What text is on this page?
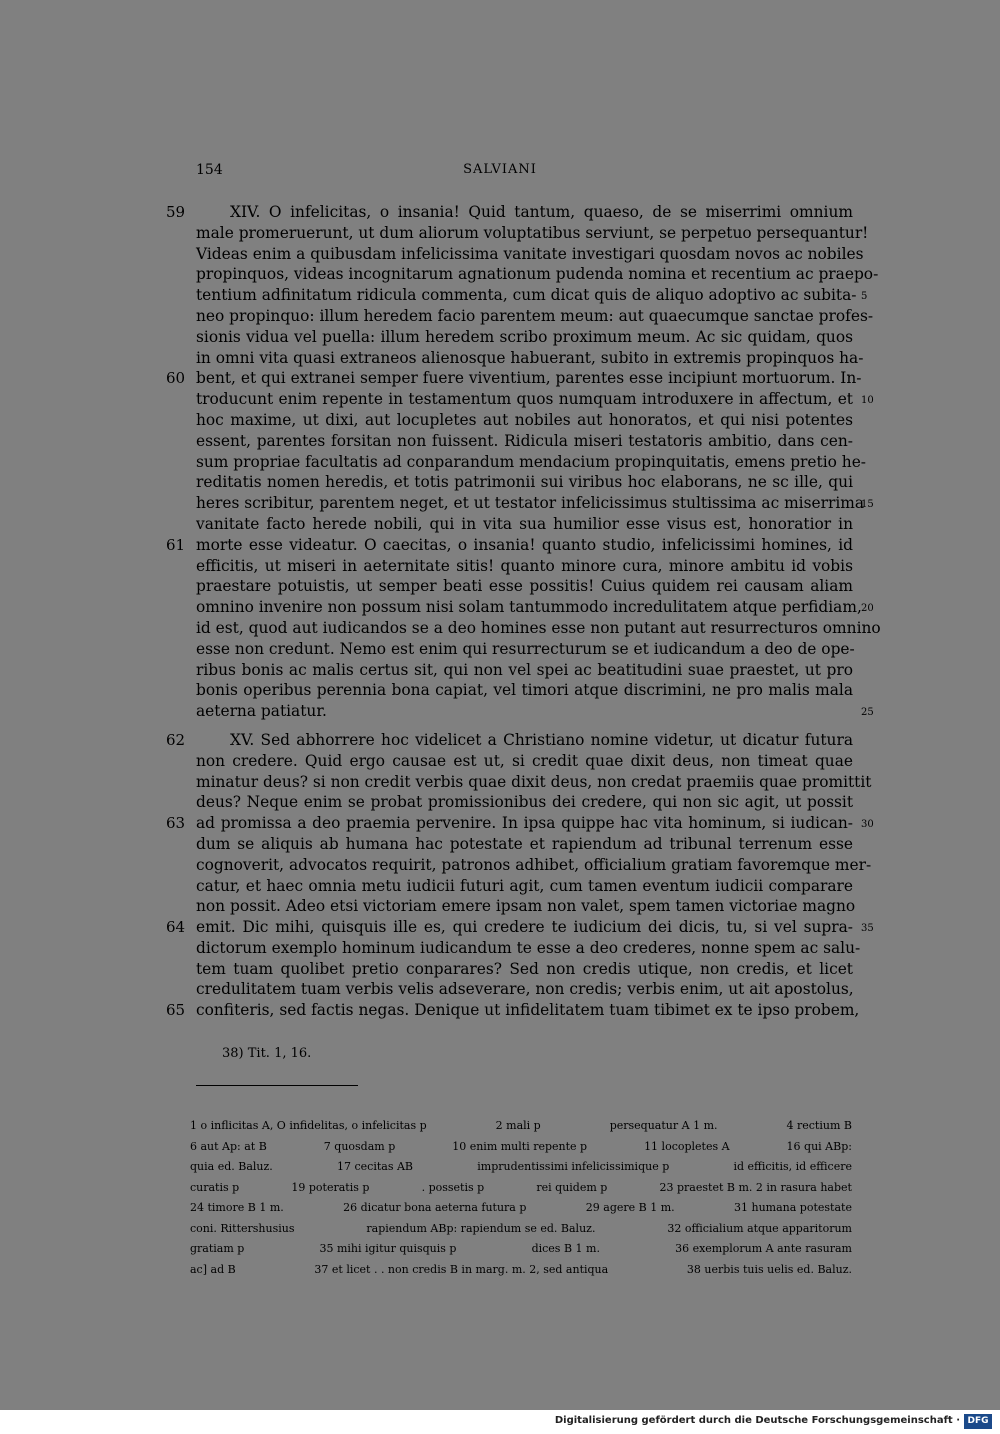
154	SALVIANI
XIV. O infelicitas, o insania! Quid tantum, quaeso, de se miserrimi omnium
59
male promeruerunt, ut dum aliorum voluptatibus serviunt, se perpetuo persequantur!
Videas enim a quibusdam infelicissima vanitate investigari quosdam novos ac nobiles
propinquos, videas incognitarum agnationum pudenda nomina et recentium ac praepo-
tentium adfinitatum ridicula commenta, cum dicat quis de aliquo adoptivo ac subita- 5
neo propinquo: illum heredem facio parentem meum: aut quaecumque sanctae profes-
sionis vidua vel puella: illum heredem scribo proximum meum. Ac sic quidam, quos
in omni vita quasi extraneos alienosque habuerant, subito in extremis propinquos ha-
bent, et qui extranei semper fuere viventium, parentes esse incipiunt mortuorum. In-
60
troducunt enim repente in testamentum quos numquam introduxere in affectum, et 10
hoc maxime, ut dixi, aut locupletes aut nobiles aut honoratos, et qui nisi potentes
essent, parentes forsitan non fuissent. Ridicula miseri testatoris ambitio, dans cen-
sum propriae facultatis ad conparandum mendacium propinquitatis, emens pretio he-
reditatis nomen heredis, et totis patrimonii sui viribus hoc elaborans, ne sc ille, qui
heres scribitur, parentem neget, et ut testator infelicissimus stultissima ac miserrima
15
vanitate facto herede nobili, qui in vita sua humilior esse visus est, honoratior in
morte esse videatur. O caecitas, o insania! quanto studio, infelicissimi homines, id
61
efficitis, ut miseri in aeternitate sitis! quanto minore cura, minore ambitu id vobis
praestare potuistis, ut semper beati esse possitis! Cuius quidem rei causam aliam
omnino invenire non possum nisi solam tantummodo incredulitatem atque perfidiam, 20
id est, quod aut iudicandos se a deo homines esse non putant aut resurrecturos omnino
esse non credunt. Nemo est enim qui resurrecturum se et iudicandum a deo de ope-
ribus bonis ac malis certus sit, qui non vel spei ac beatitudini suae praestet, ut pro
bonis operibus perennia bona capiat, vel timori atque discrimini, ne pro malis mala
aeterna patiatur.	25
XV. Sed abhorrere hoc videlicet a Christiano nomine videtur, ut dicatur futura
62
non credere. Quid ergo causae est ut, si credit quae dixit deus, non timeat quae
minatur deus? si non credit verbis quae dixit deus, non credat praemiis quae promittit
deus? Neque enim se probat promissionibus dei credere, qui non sic agit, ut possit
ad promissa a deo praemia pervenire. In ipsa quippe hac vita hominum, si iudican-
63	30
dum se aliquis ab humana hac potestate et rapiendum ad tribunal terrenum esse
cognoverit, advocatos requirit, patronos adhibet, officialium gratiam favoremque mer-
catur, et haec omnia metu iudicii futuri agit, cum tamen eventum iudicii comparare
non possit. Adeo etsi victoriam emere ipsam non valet, spem tamen victoriae magno
emit. Dic mihi, quisquis ille es, qui credere te iudicium dei dicis, tu, si vel supra-
64	35
dictorum exemplo hominum iudicandum te esse a deo crederes, nonne spem ac salu-
tem tuam quolibet pretio conparares? Sed non credis utique, non credis, et licet
credulitatem tuam verbis velis adseverare, non credis; verbis enim, ut ait apostolus,
confiteris, sed factis negas. Denique ut infidelitatem tuam tibimet ex te ipso probem,
65
38) Tit. 1, 16.
1 o inflicitas A, O infidelitas, o infelicitas p	2 mali p	persequatur A 1 m.	4 rectium B
6 aut Ap: at B	7 quosdam p	10 enim multi repente p	11 locopletes A	16 qui ABp:
quia ed. Baluz.	17 cecitas AB	imprudentissimi infelicissimique p	id efficitis, id efficere
curatis p	19 poteratis p	. possetis p	rei quidem p	23 praestet B m. 2 in rasura habet
24 timore B 1 m.	26 dicatur bona aeterna futura p	29 agere B 1 m.	31 humana potestate
coni. Rittershusius	rapiendum ABp: rapiendum se ed. Baluz.	32 officialium atque apparitorum
gratiam p	35 mihi igitur quisquis p	dices B 1 m.	36 exemplorum A ante rasuram
ac] ad B	37 et licet . . non credis B in marg. m. 2, sed antiqua	38 uerbis tuis uelis ed. Baluz.
Digitalisierung gefördert durch die Deutsche Forschungsgemeinschaft · DFG
